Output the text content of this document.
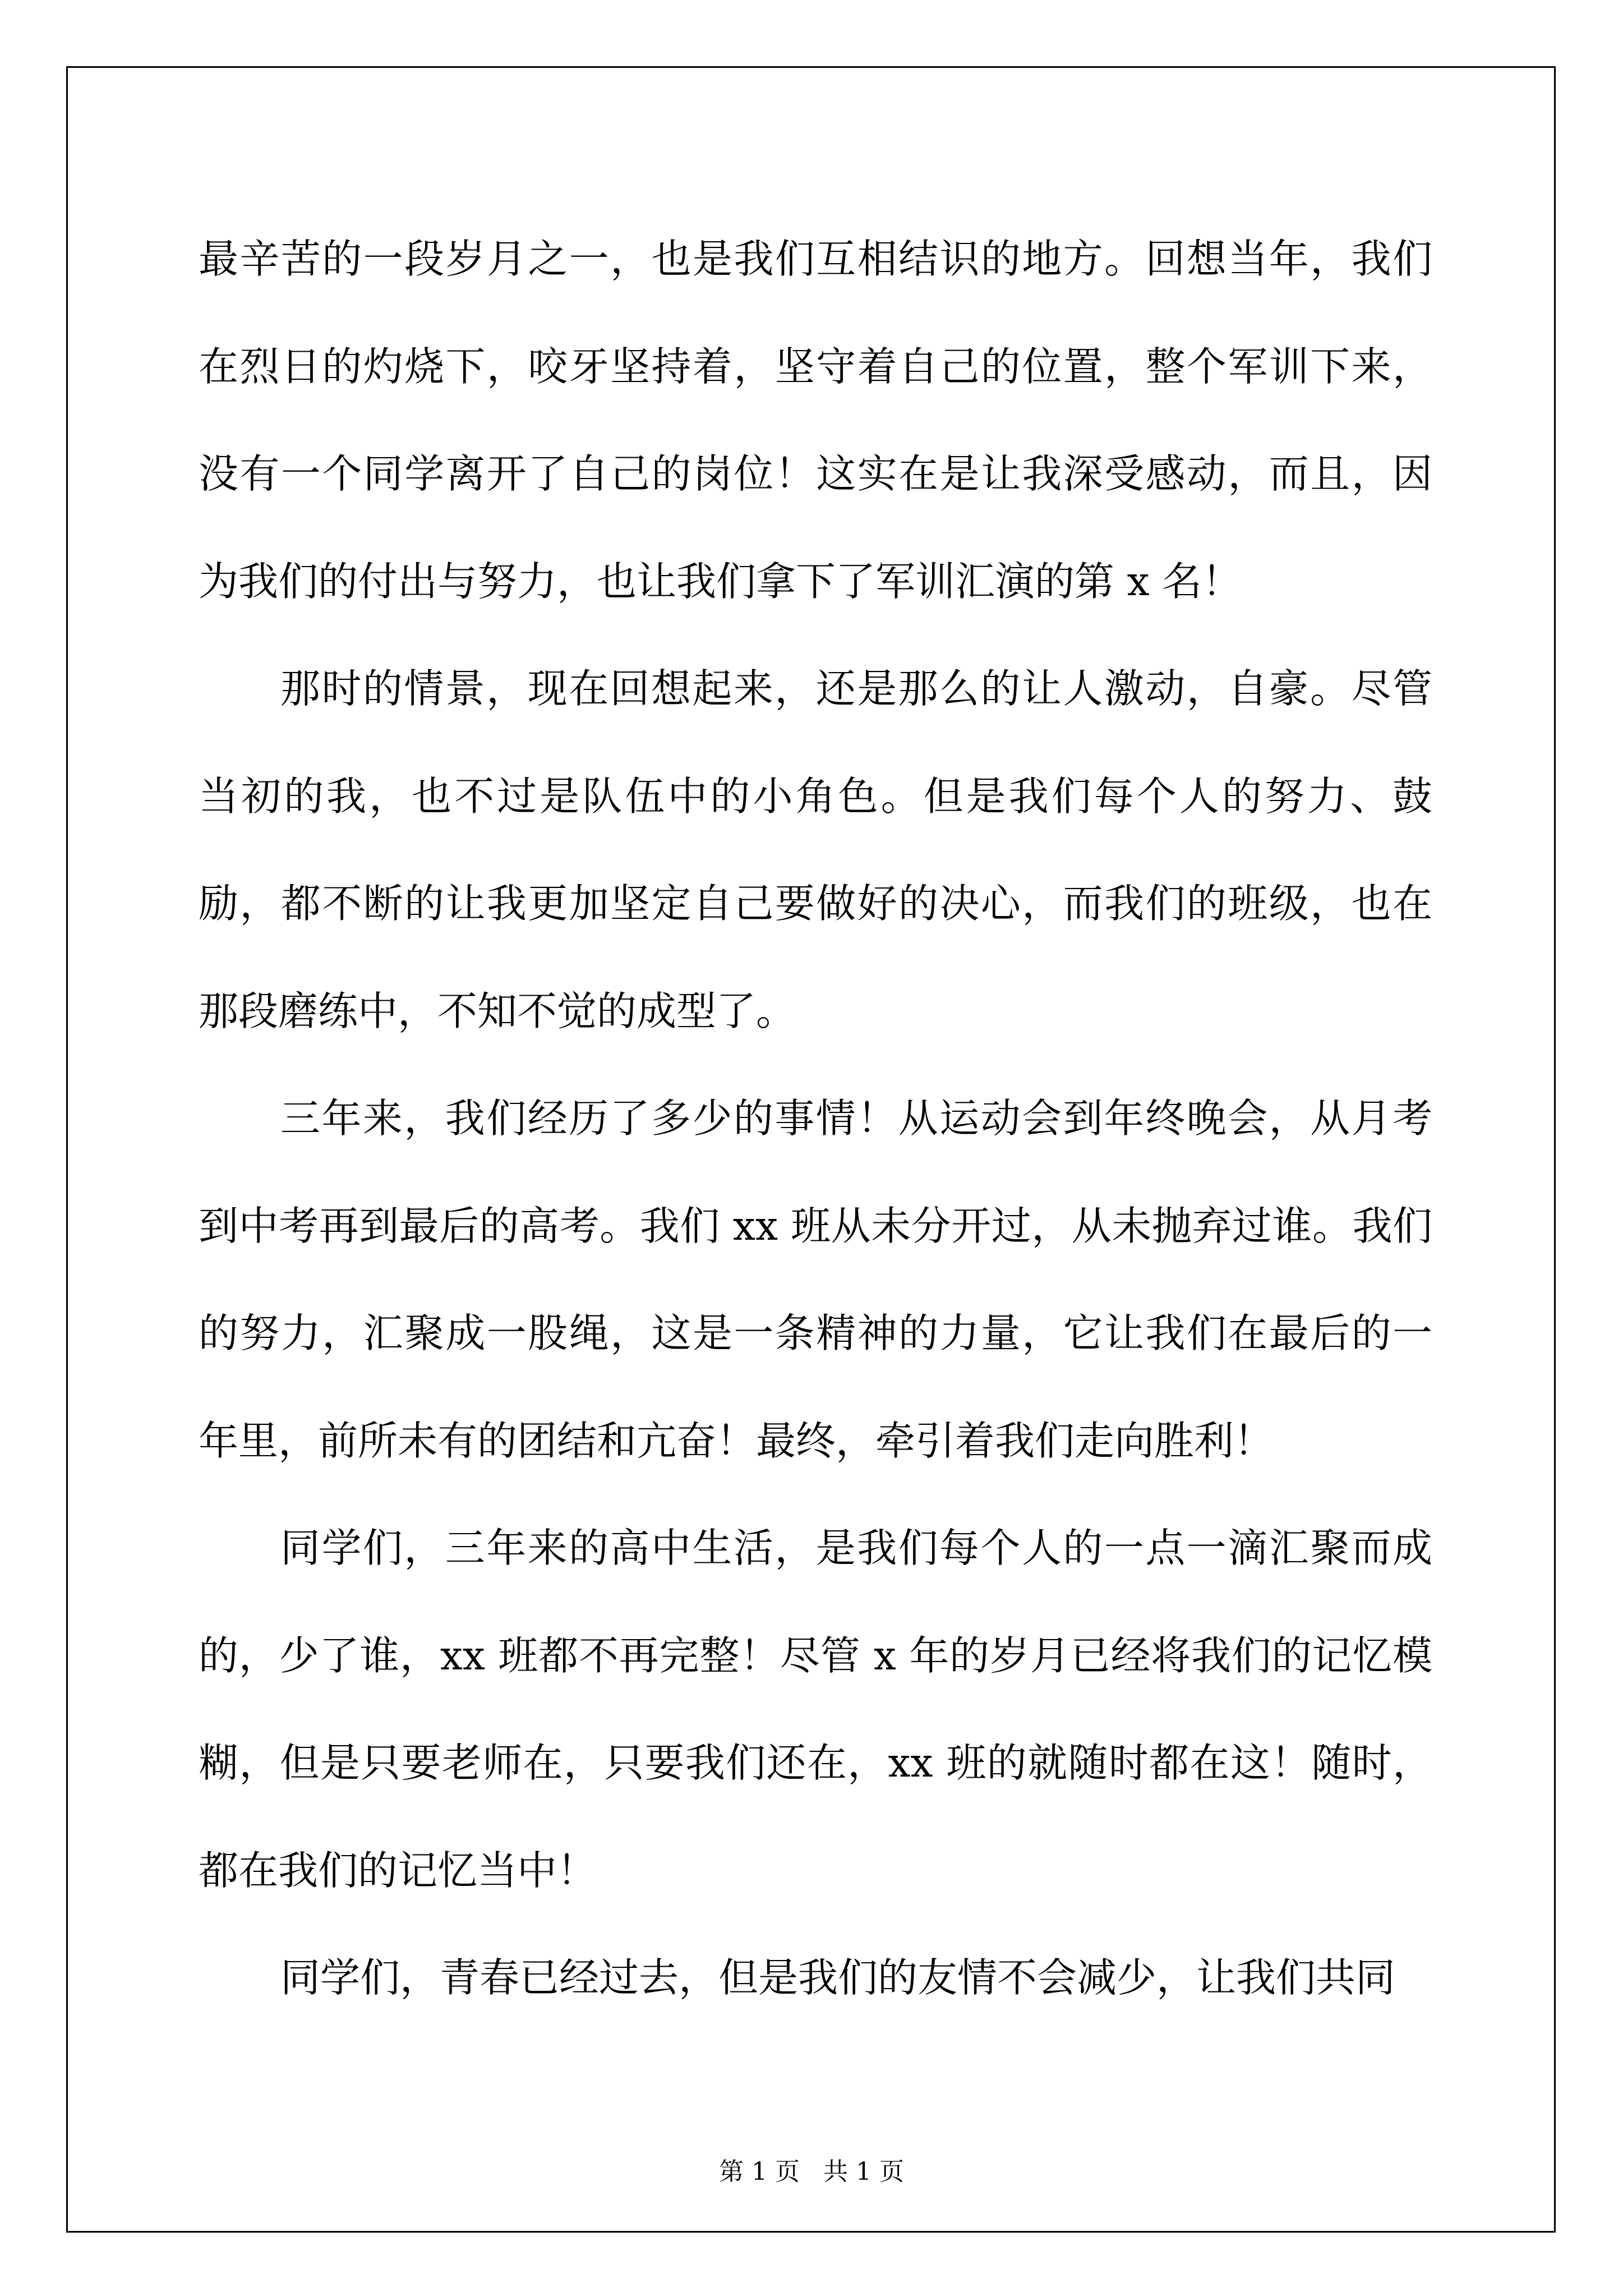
最辛苦的一段岁月之一，也是我们互相结识的地方。回想当年，我们在烈日的灼烧下，咬牙坚持着，坚守着自己的位置，整个军训下来，没有一个同学离开了自己的岗位！这实在是让我深受感动，而且，因为我们的付出与努力，也让我们拿下了军训汇演的第 x 名！

那时的情景，现在回想起来，还是那么的让人激动，自豪。尽管当初的我，也不过是队伍中的小角色。但是我们每个人的努力、鼓励，都不断的让我更加坚定自己要做好的决心，而我们的班级，也在那段磨练中，不知不觉的成型了。

三年来，我们经历了多少的事情！从运动会到年终晚会，从月考到中考再到最后的高考。我们 xx 班从未分开过，从未抛弃过谁。我们的努力，汇聚成一股绳，这是一条精神的力量，它让我们在最后的一年里，前所未有的团结和亢奋！最终，牵引着我们走向胜利！

同学们，三年来的高中生活，是我们每个人的一点一滴汇聚而成的，少了谁，xx 班都不再完整！尽管 x 年的岁月已经将我们的记忆模糊，但是只要老师在，只要我们还在，xx 班的就随时都在这！随时，都在我们的记忆当中！

同学们，青春已经过去，但是我们的友情不会减少，让我们共同

第 1 页   共 1 页
